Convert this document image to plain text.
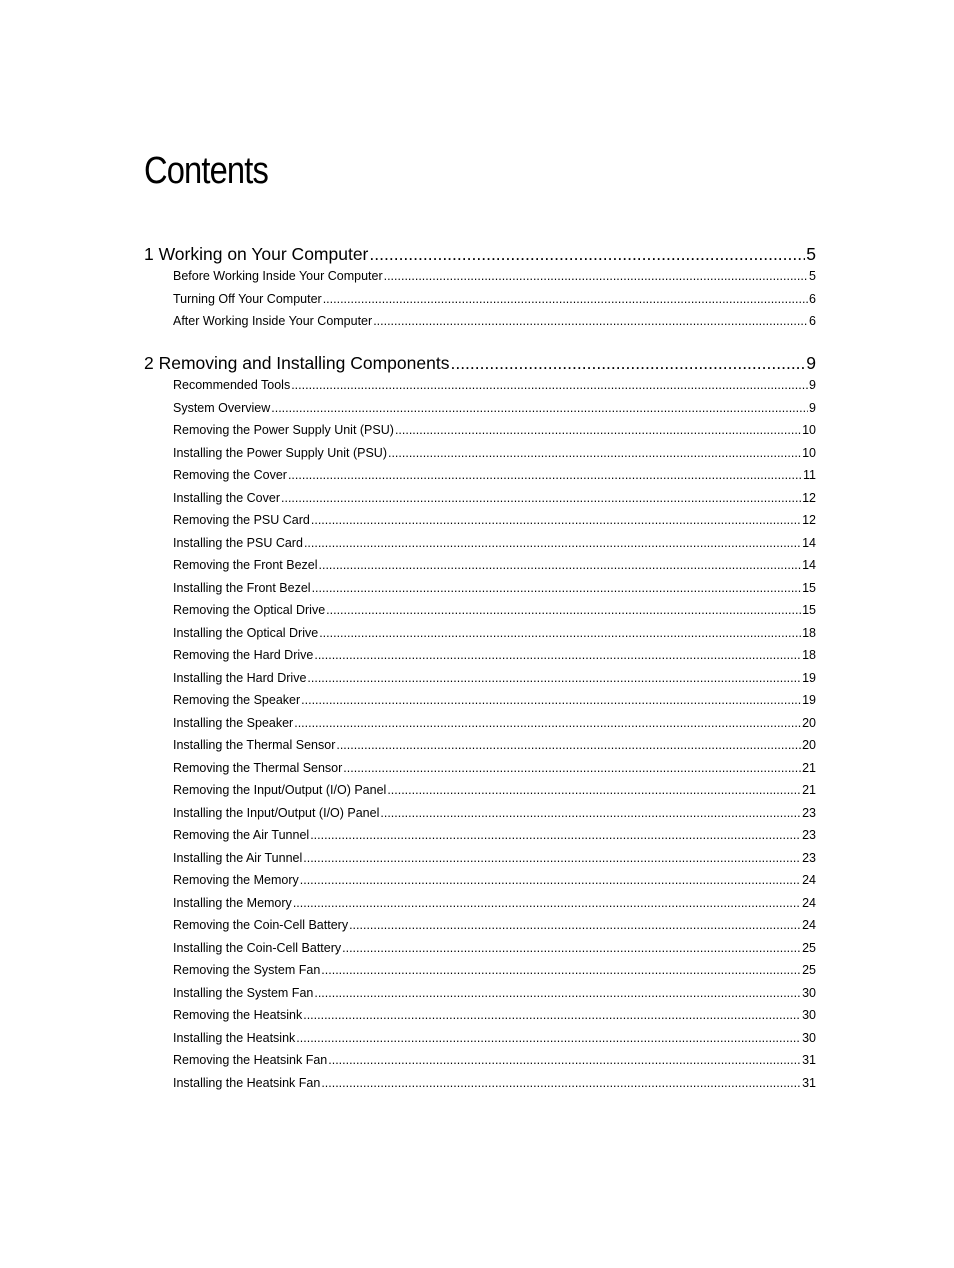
Contents
1 Working on Your Computer .....	5
Before Working Inside Your Computer .....	5
Turning Off Your Computer .....	6
After Working Inside Your Computer .....	6
2 Removing and Installing Components .....	9
Recommended Tools .....	9
System Overview .....	9
Removing the Power Supply Unit (PSU) .....	10
Installing the Power Supply Unit (PSU) .....	10
Removing the Cover .....	11
Installing the Cover .....	12
Removing the PSU Card .....	12
Installing the PSU Card .....	14
Removing the Front Bezel .....	14
Installing the Front Bezel .....	15
Removing the Optical Drive .....	15
Installing the Optical Drive .....	18
Removing the Hard Drive .....	18
Installing the Hard Drive .....	19
Removing the Speaker .....	19
Installing the Speaker .....	20
Installing the Thermal Sensor .....	20
Removing the Thermal Sensor .....	21
Removing the Input/Output (I/O) Panel .....	21
Installing the Input/Output (I/O) Panel .....	23
Removing the Air Tunnel .....	23
Installing the Air Tunnel .....	23
Removing the Memory .....	24
Installing the Memory .....	24
Removing the Coin-Cell Battery .....	24
Installing the Coin-Cell Battery .....	25
Removing the System Fan .....	25
Installing the System Fan .....	30
Removing the Heatsink .....	30
Installing the Heatsink .....	30
Removing the Heatsink Fan .....	31
Installing the Heatsink Fan .....	31
